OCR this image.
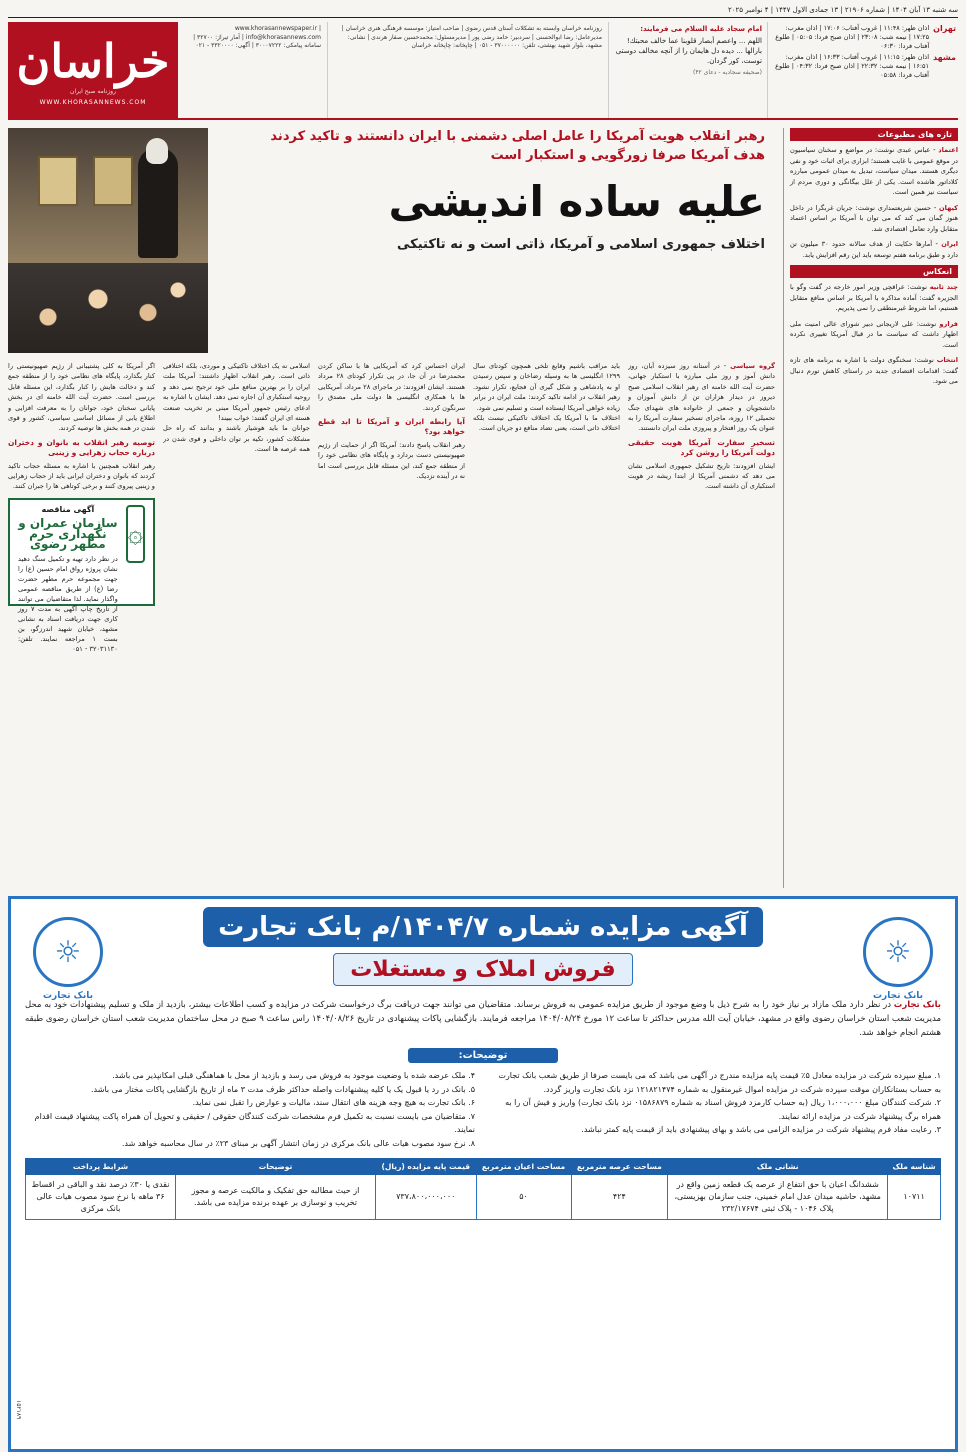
سه شنبه ۱۳ آبان ۱۴۰۴ | شماره ۲۱۹۰۶ | ۱۳ جمادی الاول ۱۴۴۷ | ۴ نوامبر ۲۰۲۵
تهران
اذان ظهر: ۱۱:۴۸ | غروب آفتاب: ۱۷:۰۶ | اذان مغرب: ۱۷:۲۵ | نیمه شب: ۲۳:۰۸ | اذان صبح فردا: ۰۵:۰۵ | طلوع آفتاب فردا: ۰۶:۳۰
مشهد
اذان ظهر: ۱۱:۱۵ | غروب آفتاب: ۱۶:۳۳ | اذان مغرب: ۱۶:۵۱ | نیمه شب: ۲۲:۳۲ | اذان صبح فردا: ۰۴:۳۲ | طلوع آفتاب فردا: ۰۵:۵۸
امام سجاد علیه السلام می فرمایند:
اللهم ... واعصم أبصار قلوبنا عما خالف محبتك! بارالها ... دیده دل هایمان را از آنچه مخالف دوستی توست، کور گردان.
(صحیفه سجادیه - دعای ۴۲)
روزنامه خراسان وابسته به تشکلات آستان قدس رضوی | صاحب امتیاز: موسسه فرهنگی هنری خراسان | مدیرعامل: رضا ابوالحسنی | سردبیر: حامد رضی پور | مدیرمسئول: محمدحسین صفار هرندی | نشانی: مشهد، بلوار شهید بهشتی، تلفن: ۳۷۰۰۰۰۰۰ - ۰۵۱ | چاپخانه: چاپخانه خراسان
www.khorasannewspaper.ir | info@khorasannews.com | آمار تیراژ: ۳۲۷۰۰ | سامانه پیامکی: ۳۰۰۰۷۲۲۲ | آگهی: ۳۳۲۰۰۰۰ - ۰۲۱
خراسان
روزنامه صبح ایران
WWW.KHORASANNEWS.COM
تازه های مطبوعات

اعتماد - عباس عبدی نوشت: در مواضع و سخنان سیاسیون در موقع عمومی با غایب هستند؛ ابزاری برای اثبات خود و نفی دیگری هستند. میدان سیاست، تبدیل به میدان عمومی مبارزه کلاداتور هاشده است. یکی از علل بیگانگی و دوری مردم از سیاست نیز همین است.

کیهان - حسین شریعتمداری نوشت: جریان غربگرا در داخل هنوز گمان می کند که می توان با آمریکا بر اساس اعتماد متقابل وارد تعامل اقتصادی شد.

ایران - آمارها حکایت از هدف سالانه حدود ۳۰ میلیون تن دارد و طبق برنامه هفتم توسعه باید این رقم افزایش یابد.

انعکاس

چند ثانیه نوشت: عراقچی وزیر امور خارجه در گفت وگو با الجزیره گفت: آماده مذاکره با آمریکا بر اساس منافع متقابل هستیم، اما شروط غیرمنطقی را نمی پذیریم.

فرارو نوشت: علی لاریجانی دبیر شورای عالی امنیت ملی اظهار داشت که سیاست ما در قبال آمریکا تغییری نکرده است.

انتخاب نوشت: سخنگوی دولت با اشاره به برنامه های تازه گفت: اقدامات اقتصادی جدید در راستای کاهش تورم دنبال می شود.

رهبر انقلاب هویت آمریکا را عامل اصلی دشمنی با ایران دانستند و تاکید کردند
هدف آمریکا صرفا زورگویی و استکبار است
علیه ساده اندیشی
اختلاف جمهوری اسلامی و آمریکا، ذاتی است و نه تاکتیکی
گروه سیاسی - در آستانه روز سیزده آبان، روز دانش آموز و روز ملی مبارزه با استکبار جهانی، حضرت آیت الله خامنه ای رهبر انقلاب اسلامی صبح دیروز در دیدار هزاران تن از دانش آموزان و دانشجویان و جمعی از خانواده های شهدای جنگ تحمیلی ۱۲ روزه، ماجرای تسخیر سفارت آمریکا را به عنوان یک روز افتخار و پیروزی ملت ایران دانستند.
تسخیر سفارت آمریکا هویت حقیقی دولت آمریکا را روشن کرد
ایشان افزودند: تاریخ تشکیل جمهوری اسلامی نشان می دهد که دشمنی آمریکا از ابتدا ریشه در هویت استکباری آن داشته است.
باید مراقب باشیم وقایع تلخی همچون کودتای سال ۱۲۹۹ انگلیسی ها به وسیله رضاخان و سپس رسیدن او به پادشاهی و شکل گیری آن فجایع، تکرار نشود. رهبر انقلاب در ادامه تاکید کردند: ملت ایران در برابر زیاده خواهی آمریکا ایستاده است و تسلیم نمی شود.
اختلاف ما با آمریکا یک اختلاف تاکتیکی نیست بلکه اختلاف ذاتی است، یعنی تضاد منافع دو جریان است.
ایران احساس کرد که آمریکایی ها با ساکن کردن محمدرضا در آن جا، در پی تکرار کودتای ۲۸ مرداد هستند. ایشان افزودند: در ماجرای ۲۸ مرداد، آمریکایی ها با همکاری انگلیسی ها دولت ملی مصدق را سرنگون کردند.
آیا رابطه ایران و آمریکا تا ابد قطع خواهد بود؟
رهبر انقلاب پاسخ دادند: آمریکا اگر از حمایت از رژیم صهیونیستی دست بردارد و پایگاه های نظامی خود را از منطقه جمع کند، این مسئله قابل بررسی است اما نه در آینده نزدیک.
اسلامی نه یک اختلاف تاکتیکی و موردی، بلکه اختلافی ذاتی است. رهبر انقلاب اظهار داشتند: آمریکا ملت ایران را بر بهترین منافع ملی خود ترجیح نمی دهد و روحیه استکباری آن اجازه نمی دهد. ایشان با اشاره به ادعای رئیس جمهور آمریکا مبنی بر تخریب صنعت هسته ای ایران گفتند: خواب ببیند!
جوانان ما باید هوشیار باشند و بدانند که راه حل مشکلات کشور، تکیه بر توان داخلی و قوی شدن در همه عرصه ها است.
اگر آمریکا به کلی پشتیبانی از رژیم صهیونیستی را کنار بگذارد، پایگاه های نظامی خود را از منطقه جمع کند و دخالت هایش را کنار بگذارد، این مسئله قابل بررسی است. حضرت آیت الله خامنه ای در بخش پایانی سخنان خود، جوانان را به معرفت افزایی و اطلاع یابی از مسائل اساسی سیاسی، کشور و قوی شدن در همه بخش ها توصیه کردند.
توصیه رهبر انقلاب به بانوان و دختران درباره حجاب زهرایی و زینبی
رهبر انقلاب همچنین با اشاره به مسئله حجاب تاکید کردند که بانوان و دختران ایرانی باید از حجاب زهرایی و زینبی پیروی کنند و برخی کوتاهی ها را جبران کنند.
۞
آگهی مناقصه
سازمان عمران و نگهداری حرم مطهر رضوی
در نظر دارد تهیه و تکمیل سنگ دهید نشان پروژه رواق امام حسین (ع) را جهت مجموعه حرم مطهر حضرت رضا (ع) از طریق مناقصه عمومی واگذار نماید. لذا متقاضیان می توانند از تاریخ چاپ آگهی به مدت ۷ روز کاری جهت دریافت اسناد به نشانی مشهد، خیابان شهید اندرزگو، بن بست ۱ مراجعه نمایند. تلفن: ۳۲۰۳۱۱۳۰ - ۰۵۱
☼
بانک تجارت
☼
بانک تجارت
آگهی مزایده شماره ۱۴۰۴/۷/م بانک تجارت
فروش املاک و مستغلات
بانک تجارت در نظر دارد ملک مازاد بر نیاز خود را به شرح ذیل با وضع موجود از طریق مزایده عمومی به فروش برساند. متقاضیان می توانند جهت دریافت برگ درخواست شرکت در مزایده و کسب اطلاعات بیشتر، بازدید از ملک و تسلیم پیشنهادات خود به محل مدیریت شعب استان خراسان رضوی واقع در مشهد، خیابان آیت الله مدرس حداکثر تا ساعت ۱۲ مورخ ۱۴۰۴/۰۸/۲۴ مراجعه فرمایند. بازگشایی پاکات پیشنهادی در تاریخ ۱۴۰۴/۰۸/۲۶ راس ساعت ۹ صبح در محل ساختمان مدیریت شعب استان خراسان رضوی طبقه هشتم انجام خواهد شد.
توضیحات:
۱. مبلغ سپرده شرکت در مزایده معادل ۵٪ قیمت پایه مزایده مندرج در آگهی می باشد که می بایست صرفا از طریق شعب بانک تجارت به حساب بستانکاران موقت سپرده شرکت در مزایده اموال غیرمنقول به شماره ۱۲۱۸۲۱۴۷۴ نزد بانک تجارت واریز گردد.
۲. شرکت کنندگان مبلغ ۱،۰۰۰،۰۰۰ ریال (به حساب کارمزد فروش اسناد به شماره ۰۱۵۸۶۸۷۹ نزد بانک تجارت) واریز و فیش آن را به همراه برگ پیشنهاد شرکت در مزایده ارائه نمایند.
۳. رعایت مفاد فرم پیشنهاد شرکت در مزایده الزامی می باشد و بهای پیشنهادی باید از قیمت پایه کمتر نباشد.
۴. ملک عرضه شده با وضعیت موجود به فروش می رسد و بازدید از محل با هماهنگی قبلی امکانپذیر می باشد.
۵. بانک در رد یا قبول یک یا کلیه پیشنهادات واصله حداکثر ظرف مدت ۳ ماه از تاریخ بازگشایی پاکات مختار می باشد.
۶. بانک تجارت به هیچ وجه هزینه های انتقال سند، مالیات و عوارض را تقبل نمی نماید.
۷. متقاضیان می بایست نسبت به تکمیل فرم مشخصات شرکت کنندگان حقوقی / حقیقی و تحویل آن همراه پاکت پیشنهاد قیمت اقدام نمایند.
۸. نرخ سود مصوب هیات عالی بانک مرکزی در زمان انتشار آگهی بر مبنای ۲۳٪ در سال محاسبه خواهد شد.
شناسه ملک	نشانی ملک	مساحت عرصه مترمربع	مساحت اعیان مترمربع	قیمت پایه مزایده (ریال)	توضیحات	شرایط پرداخت
۱۰۷۱۱	ششدانگ اعیان با حق انتفاع از عرصه یک قطعه زمین واقع در مشهد، حاشیه میدان عدل امام خمینی، جنب سازمان بهزیستی، پلاک ۱۰۴۶ - پلاک ثبتی ۲۳۲/۱۷۶۷۴	۴۲۴	۵۰	۷۳۷،۸۰۰،۰۰۰،۰۰۰	از حیث مطالبه حق تفکیک و مالکیت عرصه و مجوز تخریب و نوسازی بر عهده برنده مزایده می باشد.	نقدی یا ۳۰٪ درصد نقد و الباقی در اقساط ۳۶ ماهه با نرخ سود مصوب هیات عالی بانک مرکزی
۱۵۲۱۸۹
